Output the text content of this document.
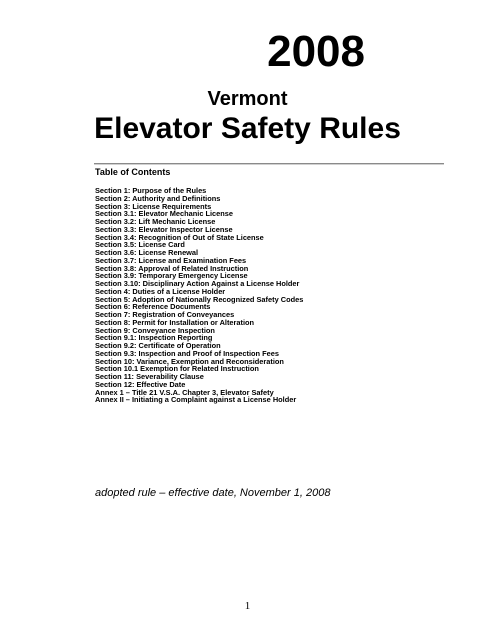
2008
Vermont
Elevator Safety Rules

Table of Contents

Section 1: Purpose of the Rules
Section 2: Authority and Definitions
Section 3: License Requirements
Section 3.1: Elevator Mechanic License
Section 3.2: Lift Mechanic License
Section 3.3: Elevator Inspector License
Section 3.4: Recognition of Out of State License
Section 3.5: License Card
Section 3.6: License Renewal
Section 3.7: License and Examination Fees
Section 3.8: Approval of Related Instruction
Section 3.9: Temporary Emergency License
Section 3.10: Disciplinary Action Against a License Holder
Section 4: Duties of a License Holder
Section 5: Adoption of Nationally Recognized Safety Codes
Section 6: Reference Documents
Section 7: Registration of Conveyances
Section 8: Permit for Installation or Alteration
Section 9: Conveyance Inspection
Section 9.1: Inspection Reporting
Section 9.2: Certificate of Operation
Section 9.3: Inspection and Proof of Inspection Fees
Section 10: Variance, Exemption and Reconsideration
Section 10.1 Exemption for Related Instruction
Section 11: Severability Clause
Section 12: Effective Date
Annex 1 – Title 21 V.S.A. Chapter 3, Elevator Safety
Annex II – Initiating a Complaint against a License Holder

adopted rule – effective date, November 1, 2008

1
